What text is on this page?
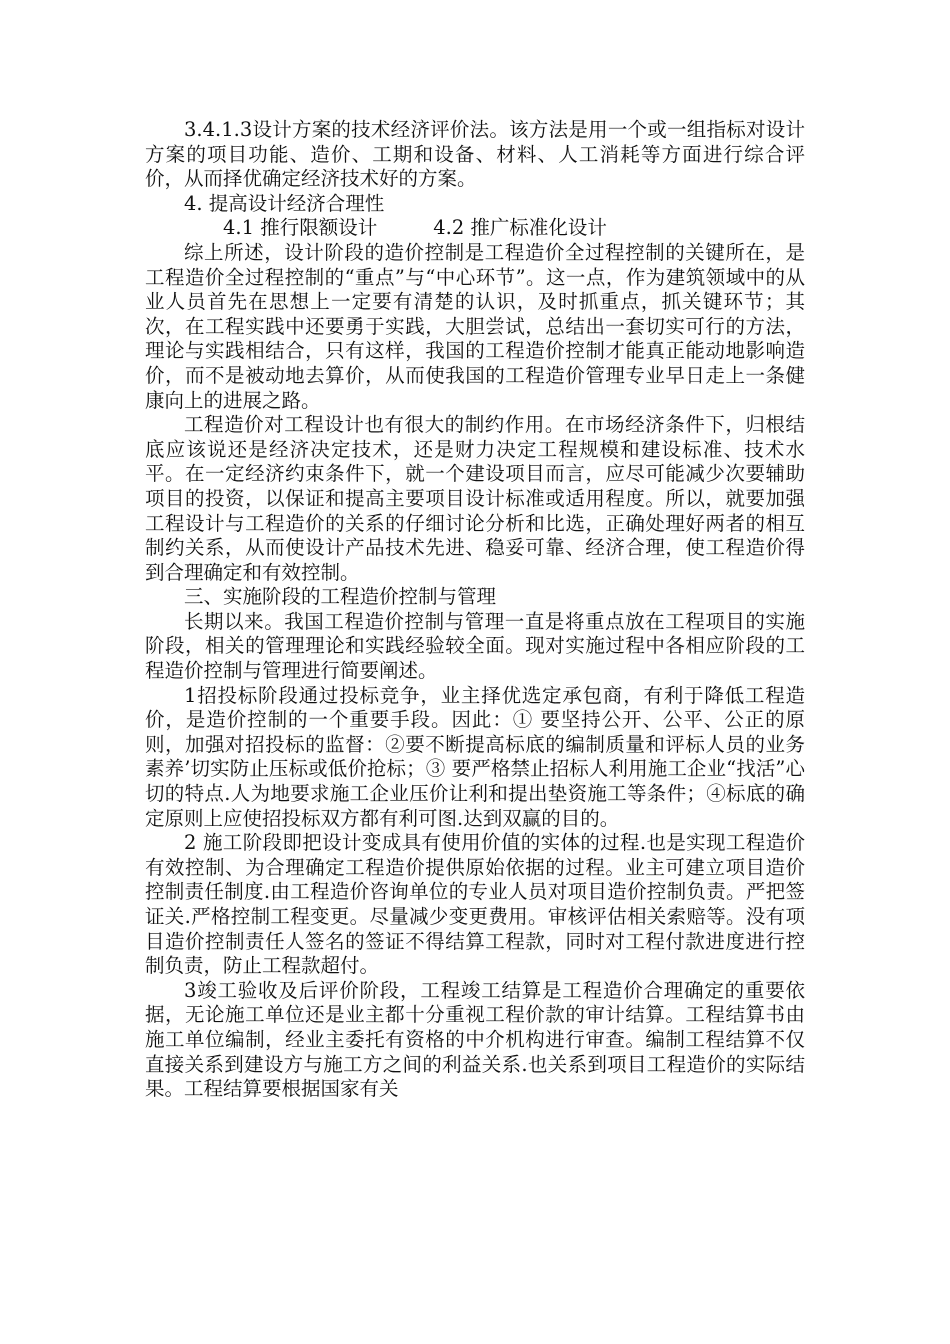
3.4.1.3设计方案的技术经济评价法。该方法是用一个或一组指标对设计方案的项目功能、造价、工期和设备、材料、人工消耗等方面进行综合评价，从而择优确定经济技术好的方案。

4. 提高设计经济合理性

4.1 推行限额设计	4.2 推广标准化设计

综上所述，设计阶段的造价控制是工程造价全过程控制的关键所在，是工程造价全过程控制的“重点”与“中心环节”。这一点，作为建筑领域中的从业人员首先在思想上一定要有清楚的认识，及时抓重点，抓关键环节；其次，在工程实践中还要勇于实践，大胆尝试，总结出一套切实可行的方法，理论与实践相结合，只有这样，我国的工程造价控制才能真正能动地影响造价，而不是被动地去算价，从而使我国的工程造价管理专业早日走上一条健康向上的进展之路。

工程造价对工程设计也有很大的制约作用。在市场经济条件下，归根结底应该说还是经济决定技术，还是财力决定工程规模和建设标准、技术水平。在一定经济约束条件下，就一个建设项目而言，应尽可能减少次要辅助项目的投资，以保证和提高主要项目设计标准或适用程度。所以，就要加强工程设计与工程造价的关系的仔细讨论分析和比选，正确处理好两者的相互制约关系，从而使设计产品技术先进、稳妥可靠、经济合理，使工程造价得到合理确定和有效控制。

三、实施阶段的工程造价控制与管理

长期以来。我国工程造价控制与管理一直是将重点放在工程项目的实施阶段，相关的管理理论和实践经验较全面。现对实施过程中各相应阶段的工程造价控制与管理进行简要阐述。

1招投标阶段通过投标竞争，业主择优选定承包商，有利于降低工程造价，是造价控制的一个重要手段。因此：① 要坚持公开、公平、公正的原则，加强对招投标的监督：②要不断提高标底的编制质量和评标人员的业务素养’切实防止压标或低价抢标；③ 要严格禁止招标人利用施工企业“找活”心切的特点.人为地要求施工企业压价让利和提出垫资施工等条件；④标底的确定原则上应使招投标双方都有利可图.达到双赢的目的。

2 施工阶段即把设计变成具有使用价值的实体的过程.也是实现工程造价有效控制、为合理确定工程造价提供原始依据的过程。业主可建立项目造价控制责任制度.由工程造价咨询单位的专业人员对项目造价控制负责。严把签证关.严格控制工程变更。尽量减少变更费用。审核评估相关索赔等。没有项目造价控制责任人签名的签证不得结算工程款，同时对工程付款进度进行控制负责，防止工程款超付。

3竣工验收及后评价阶段，工程竣工结算是工程造价合理确定的重要依据，无论施工单位还是业主都十分重视工程价款的审计结算。工程结算书由施工单位编制，经业主委托有资格的中介机构进行审查。编制工程结算不仅直接关系到建设方与施工方之间的利益关系.也关系到项目工程造价的实际结果。工程结算要根据国家有关
